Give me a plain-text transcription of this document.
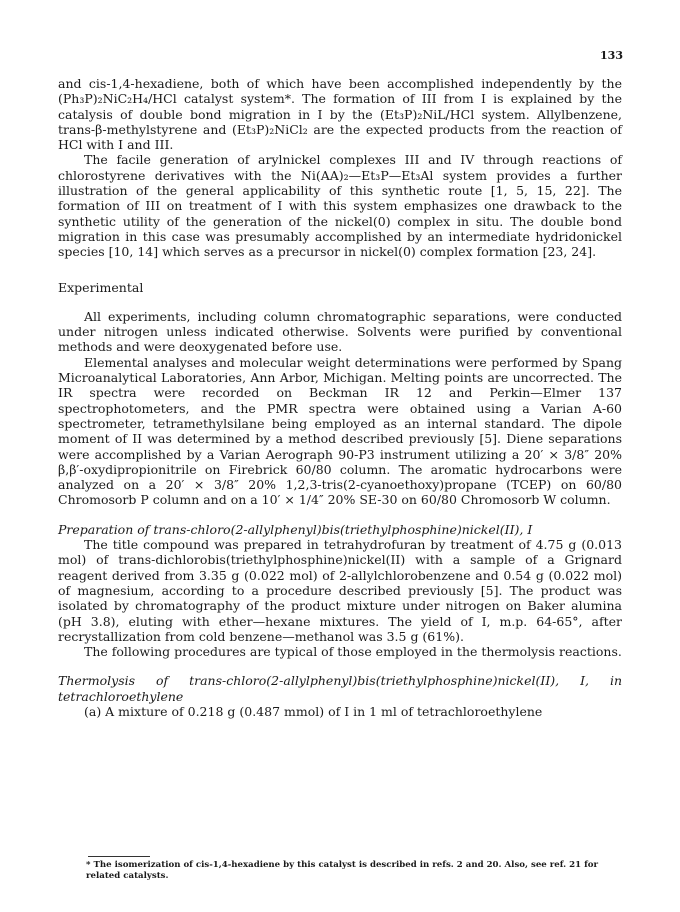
133

and cis-1,4-hexadiene, both of which have been accomplished independently by the (Ph₃P)₂NiC₂H₄/HCl catalyst system*. The formation of III from I is explained by the catalysis of double bond migration in I by the (Et₃P)₂NiL/HCl system. Allylbenzene, trans-β-methylstyrene and (Et₃P)₂NiCl₂ are the expected products from the reaction of HCl with I and III.

The facile generation of arylnickel complexes III and IV through reactions of chlorostyrene derivatives with the Ni(AA)₂—Et₃P—Et₃Al system provides a further illustration of the general applicability of this synthetic route [1, 5, 15, 22]. The formation of III on treatment of I with this system emphasizes one drawback to the synthetic utility of the generation of the nickel(0) complex in situ. The double bond migration in this case was presumably accomplished by an intermediate hydridonickel species [10, 14] which serves as a precursor in nickel(0) complex formation [23, 24].

Experimental

All experiments, including column chromatographic separations, were conducted under nitrogen unless indicated otherwise. Solvents were purified by conventional methods and were deoxygenated before use.

Elemental analyses and molecular weight determinations were performed by Spang Microanalytical Laboratories, Ann Arbor, Michigan. Melting points are uncorrected. The IR spectra were recorded on Beckman IR 12 and Perkin—Elmer 137 spectrophotometers, and the PMR spectra were obtained using a Varian A-60 spectrometer, tetramethylsilane being employed as an internal standard. The dipole moment of II was determined by a method described previously [5]. Diene separations were accomplished by a Varian Aerograph 90-P3 instrument utilizing a 20′ × 3/8″ 20% β,β′-oxydipropionitrile on Firebrick 60/80 column. The aromatic hydrocarbons were analyzed on a 20′ × 3/8″ 20% 1,2,3-tris(2-cyanoethoxy)propane (TCEP) on 60/80 Chromosorb P column and on a 10′ × 1/4″ 20% SE-30 on 60/80 Chromosorb W column.

Preparation of trans-chloro(2-allylphenyl)bis(triethylphosphine)nickel(II), I

The title compound was prepared in tetrahydrofuran by treatment of 4.75 g (0.013 mol) of trans-dichlorobis(triethylphosphine)nickel(II) with a sample of a Grignard reagent derived from 3.35 g (0.022 mol) of 2-allylchlorobenzene and 0.54 g (0.022 mol) of magnesium, according to a procedure described previously [5]. The product was isolated by chromatography of the product mixture under nitrogen on Baker alumina (pH 3.8), eluting with ether—hexane mixtures. The yield of I, m.p. 64-65°, after recrystallization from cold benzene—methanol was 3.5 g (61%).

The following procedures are typical of those employed in the thermolysis reactions.

Thermolysis of trans-chloro(2-allylphenyl)bis(triethylphosphine)nickel(II), I, in tetrachloroethylene

(a) A mixture of 0.218 g (0.487 mmol) of I in 1 ml of tetrachloroethylene

* The isomerization of cis-1,4-hexadiene by this catalyst is described in refs. 2 and 20. Also, see ref. 21 for related catalysts.
